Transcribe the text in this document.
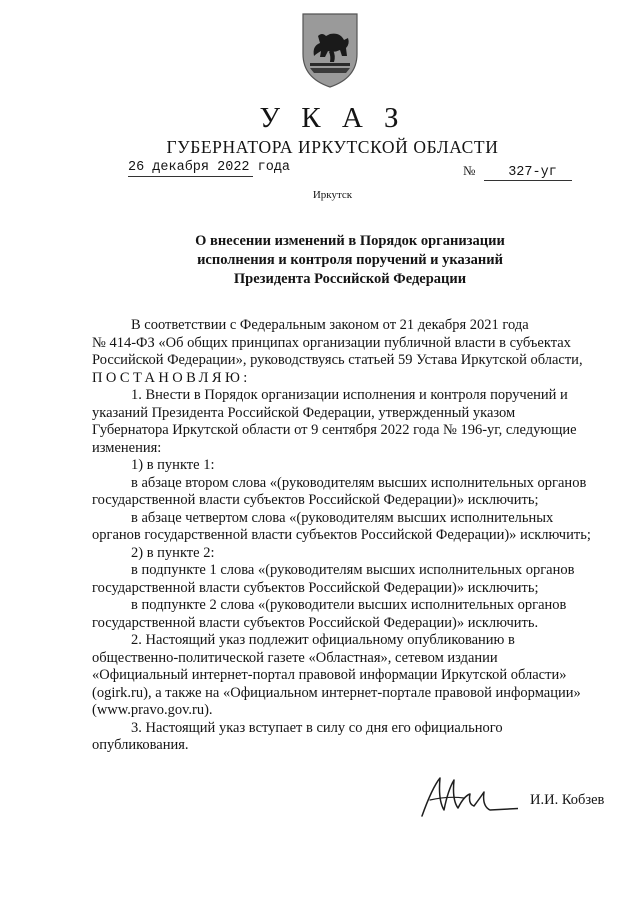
У К А З
ГУБЕРНАТОРА ИРКУТСКОЙ ОБЛАСТИ
26 декабря 2022 года	№ 327-уг
Иркутск
О внесении изменений в Порядок организации
исполнения и контроля поручений и указаний
Президента Российской Федерации

В соответствии с Федеральным законом от 21 декабря 2021 года

№ 414-ФЗ «Об общих принципах организации публичной власти в субъектах

Российской Федерации», руководствуясь статьей 59 Устава Иркутской области,

ПОСТАНОВЛЯЮ:

1. Внести в Порядок организации исполнения и контроля поручений и

указаний Президента Российской Федерации, утвержденный указом

Губернатора Иркутской области от 9 сентября 2022 года № 196-уг, следующие

изменения:

1) в пункте 1:

в абзаце втором слова «(руководителям высших исполнительных органов

государственной власти субъектов Российской Федерации)» исключить;

в абзаце четвертом слова «(руководителям высших исполнительных

органов государственной власти субъектов Российской Федерации)» исключить;

2) в пункте 2:

в подпункте 1 слова «(руководителям высших исполнительных органов

государственной власти субъектов Российской Федерации)» исключить;

в подпункте 2 слова «(руководители высших исполнительных органов

государственной власти субъектов Российской Федерации)» исключить.

2. Настоящий указ подлежит официальному опубликованию в

общественно-политической газете «Областная», сетевом издании

«Официальный интернет-портал правовой информации Иркутской области»

(ogirk.ru), а также на «Официальном интернет-портале правовой информации»

(www.pravo.gov.ru).

3. Настоящий указ вступает в силу со дня его официального

опубликования.

И.И. Кобзев
